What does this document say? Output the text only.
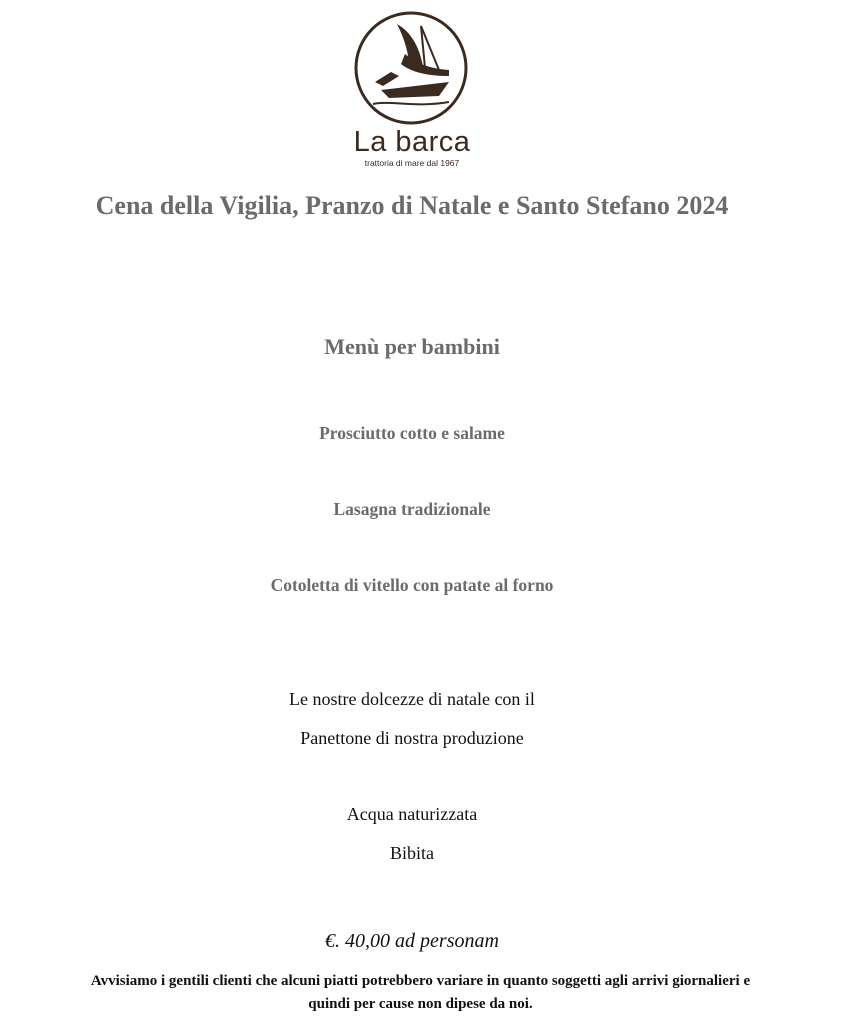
La barca
trattoria di mare dal 1967
Cena della Vigilia, Pranzo di Natale e Santo Stefano 2024
Menù per bambini
Prosciutto cotto e salame
Lasagna tradizionale
Cotoletta di vitello con patate al forno
Le nostre dolcezze di natale con il
Panettone di nostra produzione
Acqua naturizzata
Bibita
€. 40,00 ad personam
Avvisiamo i gentili clienti che alcuni piatti potrebbero variare in quanto soggetti agli arrivi giornalieri e
quindi per cause non dipese da noi.
